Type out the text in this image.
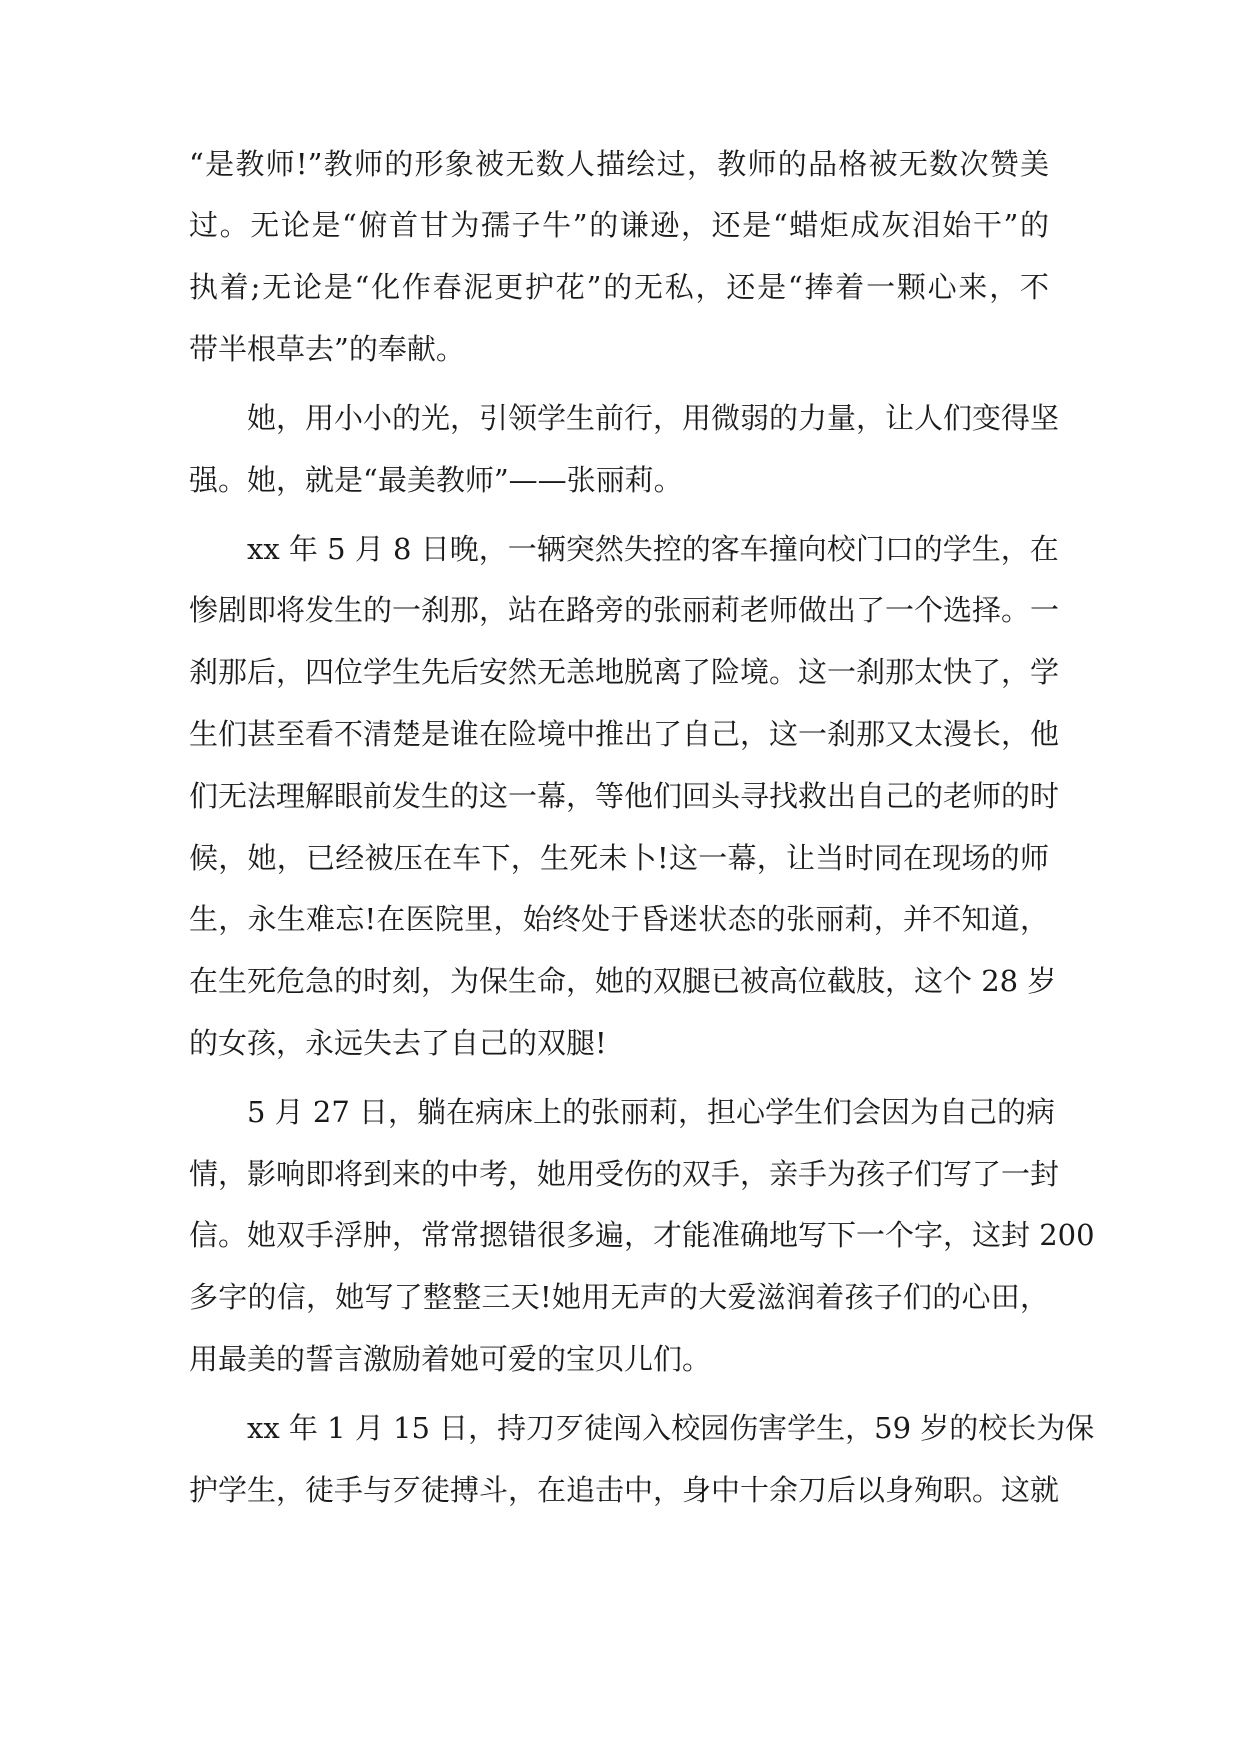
“是教师!”教师的形象被无数人描绘过，教师的品格被无数次赞美
过。无论是“俯首甘为孺子牛”的谦逊，还是“蜡炬成灰泪始干”的
执着;无论是“化作春泥更护花”的无私，还是“捧着一颗心来，不
带半根草去”的奉献。
她，用小小的光，引领学生前行，用微弱的力量，让人们变得坚
强。她，就是“最美教师”——张丽莉。
xx 年 5 月 8 日晚，一辆突然失控的客车撞向校门口的学生，在
惨剧即将发生的一刹那，站在路旁的张丽莉老师做出了一个选择。一
刹那后，四位学生先后安然无恙地脱离了险境。这一刹那太快了，学
生们甚至看不清楚是谁在险境中推出了自己，这一刹那又太漫长，他
们无法理解眼前发生的这一幕，等他们回头寻找救出自己的老师的时
候，她，已经被压在车下，生死未卜!这一幕，让当时同在现场的师
生，永生难忘!在医院里，始终处于昏迷状态的张丽莉，并不知道，
在生死危急的时刻，为保生命，她的双腿已被高位截肢，这个 28 岁
的女孩，永远失去了自己的双腿!
5 月 27 日，躺在病床上的张丽莉，担心学生们会因为自己的病
情，影响即将到来的中考，她用受伤的双手，亲手为孩子们写了一封
信。她双手浮肿，常常摁错很多遍，才能准确地写下一个字，这封 200
多字的信，她写了整整三天!她用无声的大爱滋润着孩子们的心田，
用最美的誓言激励着她可爱的宝贝儿们。
xx 年 1 月 15 日，持刀歹徒闯入校园伤害学生，59 岁的校长为保
护学生，徒手与歹徒搏斗，在追击中，身中十余刀后以身殉职。这就
